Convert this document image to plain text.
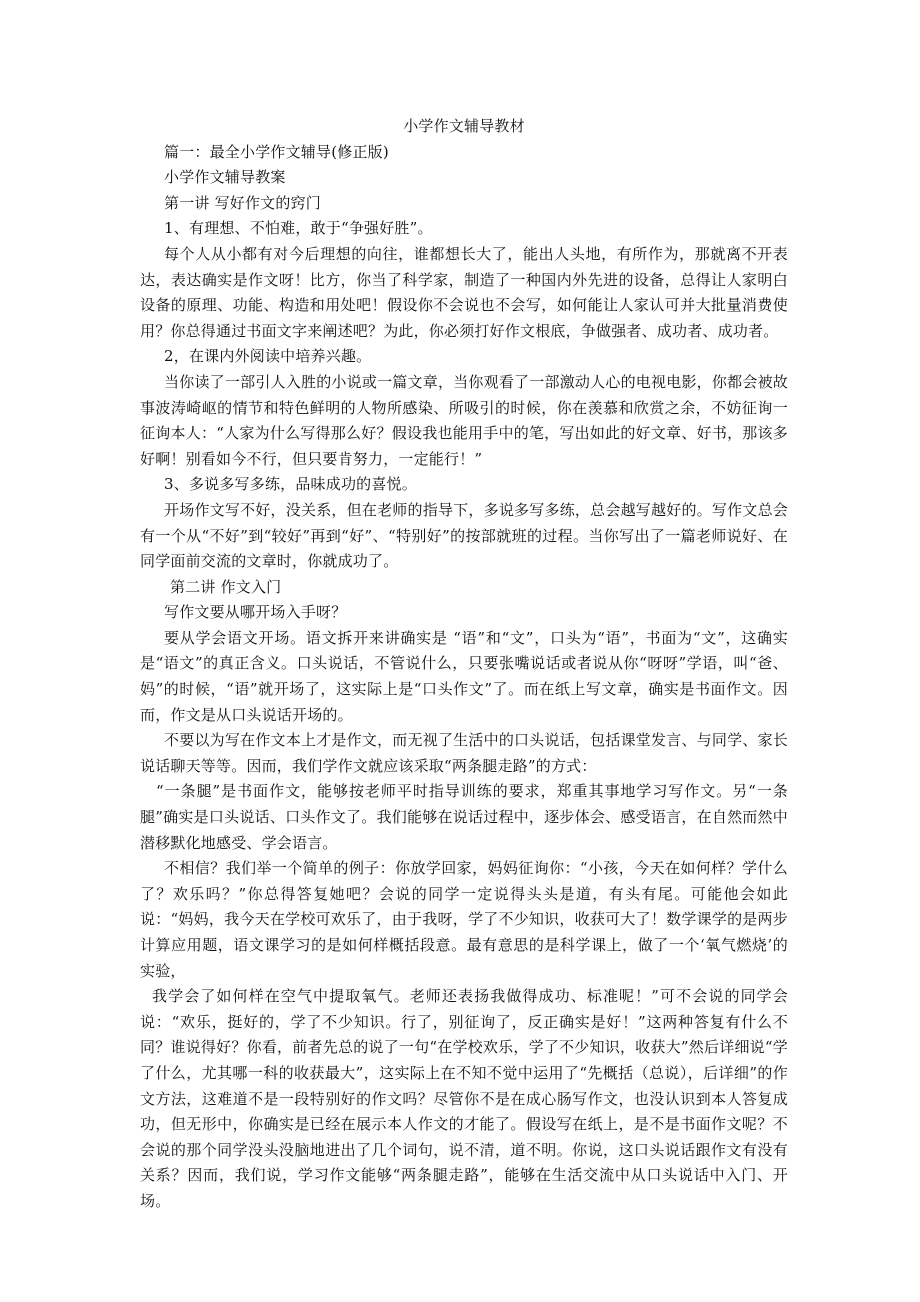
小学作文辅导教材

篇一：最全小学作文辅导(修正版)

小学作文辅导教案

第一讲 写好作文的窍门

1、有理想、不怕难，敢于“争强好胜”。

每个人从小都有对今后理想的向往，谁都想长大了，能出人头地，有所作为，那就离不开表达，表达确实是作文呀！比方，你当了科学家，制造了一种国内外先进的设备，总得让人家明白设备的原理、功能、构造和用处吧！假设你不会说也不会写，如何能让人家认可并大批量消费使用？你总得通过书面文字来阐述吧？为此，你必须打好作文根底，争做强者、成功者、成功者。

2，在课内外阅读中培养兴趣。

当你读了一部引人入胜的小说或一篇文章，当你观看了一部激动人心的电视电影，你都会被故事波涛崎岖的情节和特色鲜明的人物所感染、所吸引的时候，你在羡慕和欣赏之余，不妨征询一征询本人：“人家为什么写得那么好？假设我也能用手中的笔，写出如此的好文章、好书，那该多好啊！别看如今不行，但只要肯努力，一定能行！”

3、多说多写多练，品味成功的喜悦。

开场作文写不好，没关系，但在老师的指导下，多说多写多练，总会越写越好的。写作文总会有一个从“不好”到“较好”再到“好”、“特别好”的按部就班的过程。当你写出了一篇老师说好、在同学面前交流的文章时，你就成功了。

第二讲 作文入门

写作文要从哪开场入手呀？

要从学会语文开场。语文拆开来讲确实是 “语”和“文”，口头为“语”，书面为“文”，这确实是“语文”的真正含义。口头说话，不管说什么，只要张嘴说话或者说从你“呀呀”学语，叫“爸、妈”的时候，“语”就开场了，这实际上是“口头作文”了。而在纸上写文章，确实是书面作文。因而，作文是从口头说话开场的。

不要以为写在作文本上才是作文，而无视了生活中的口头说话，包括课堂发言、与同学、家长说话聊天等等。因而，我们学作文就应该采取“两条腿走路”的方式：

“一条腿”是书面作文，能够按老师平时指导训练的要求，郑重其事地学习写作文。另“一条腿”确实是口头说话、口头作文了。我们能够在说话过程中，逐步体会、感受语言，在自然而然中潜移默化地感受、学会语言。

不相信？我们举一个简单的例子：你放学回家，妈妈征询你：“小孩，今天在如何样？学什么了？欢乐吗？”你总得答复她吧？会说的同学一定说得头头是道，有头有尾。可能他会如此说：“妈妈，我今天在学校可欢乐了，由于我呀，学了不少知识，收获可大了！数学课学的是两步计算应用题，语文课学习的是如何样概括段意。最有意思的是科学课上，做了一个‘氧气燃烧’的实验，

我学会了如何样在空气中提取氧气。老师还表扬我做得成功、标准呢！”可不会说的同学会说：“欢乐，挺好的，学了不少知识。行了，别征询了，反正确实是好！”这两种答复有什么不同？谁说得好？你看，前者先总的说了一句“在学校欢乐，学了不少知识，收获大”然后详细说“学了什么，尤其哪一科的收获最大”，这实际上在不知不觉中运用了“先概括（总说），后详细”的作文方法，这难道不是一段特别好的作文吗？尽管你不是在成心肠写作文，也没认识到本人答复成功，但无形中，你确实是已经在展示本人作文的才能了。假设写在纸上，是不是书面作文呢？不会说的那个同学没头没脑地进出了几个词句，说不清，道不明。你说，这口头说话跟作文有没有关系？因而，我们说，学习作文能够“两条腿走路”，能够在生活交流中从口头说话中入门、开场。
